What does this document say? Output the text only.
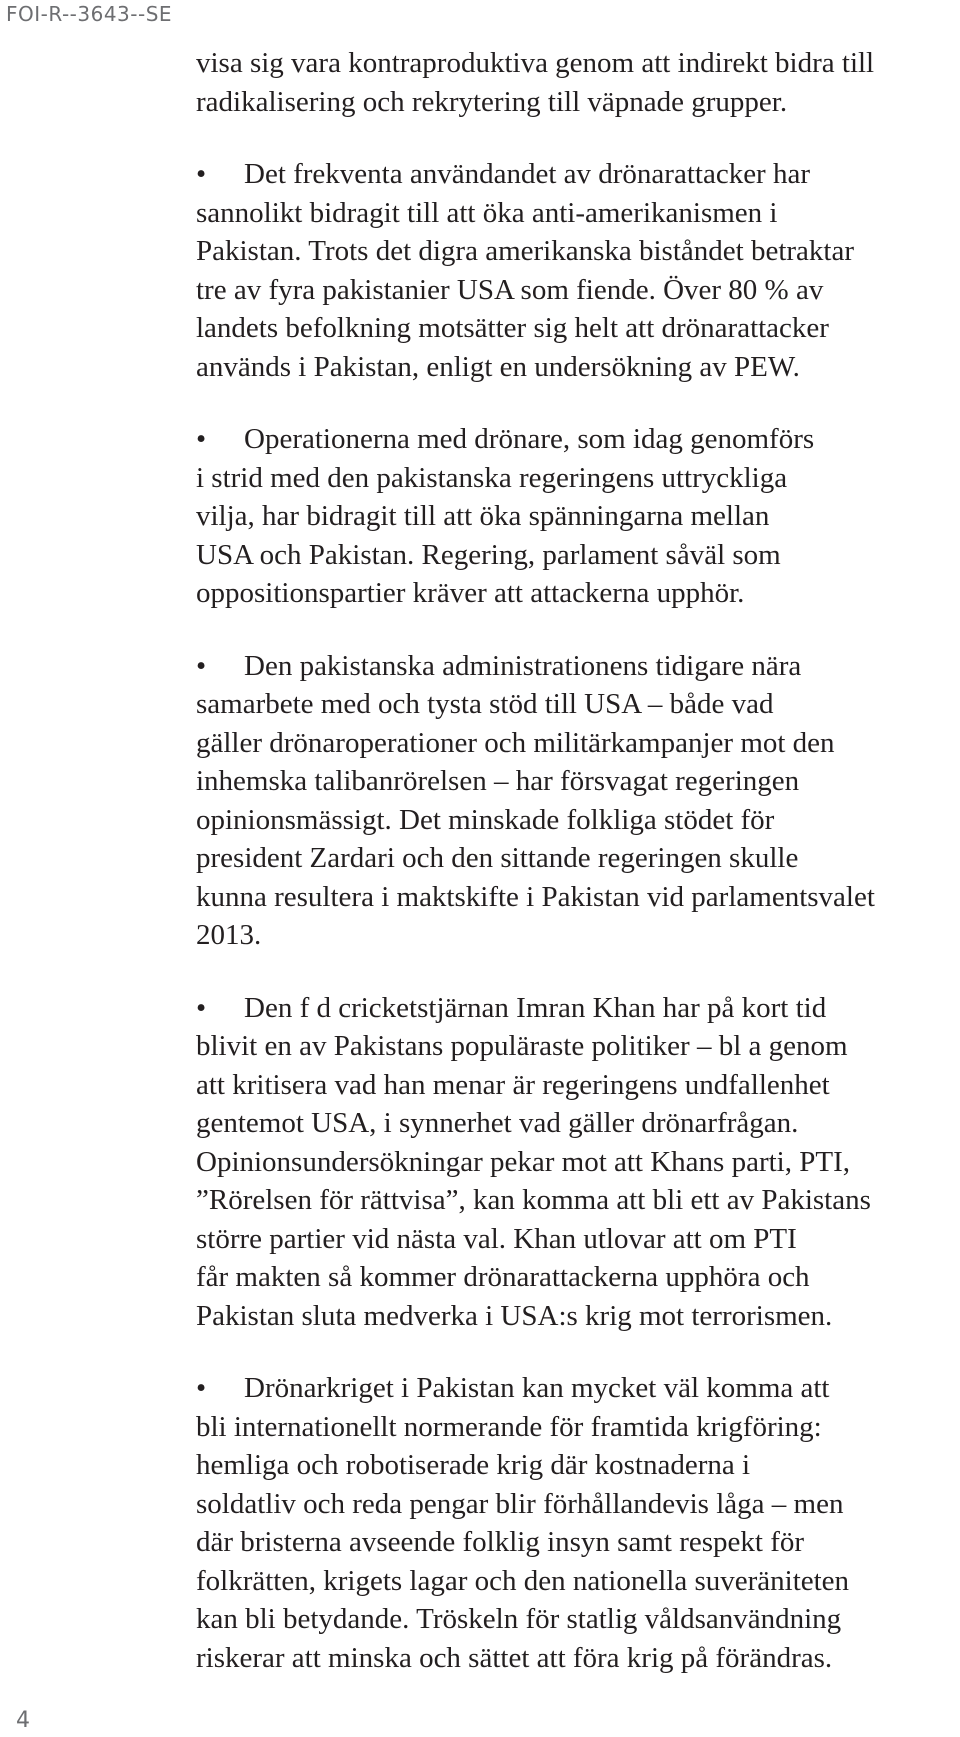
FOI-R--3643--SE

visa sig vara kontraproduktiva genom att indirekt bidra till
radikalisering och rekrytering till väpnade grupper.

• Det frekventa användandet av drönarattacker har
sannolikt bidragit till att öka anti-amerikanismen i
Pakistan. Trots det digra amerikanska biståndet betraktar
tre av fyra pakistanier USA som fiende. Över 80 % av
landets befolkning motsätter sig helt att drönarattacker
används i Pakistan, enligt en undersökning av PEW.

• Operationerna med drönare, som idag genomförs
i strid med den pakistanska regeringens uttryckliga
vilja, har bidragit till att öka spänningarna mellan
USA och Pakistan. Regering, parlament såväl som
oppositionspartier kräver att attackerna upphör.

• Den pakistanska administrationens tidigare nära
samarbete med och tysta stöd till USA – både vad
gäller drönaroperationer och militärkampanjer mot den
inhemska talibanrörelsen – har försvagat regeringen
opinionsmässigt. Det minskade folkliga stödet för
president Zardari och den sittande regeringen skulle
kunna resultera i maktskifte i Pakistan vid parlamentsvalet
2013.

• Den f d cricketstjärnan Imran Khan har på kort tid
blivit en av Pakistans populäraste politiker – bl a genom
att kritisera vad han menar är regeringens undfallenhet
gentemot USA, i synnerhet vad gäller drönarfrågan.
Opinionsundersökningar pekar mot att Khans parti, PTI,
”Rörelsen för rättvisa”, kan komma att bli ett av Pakistans
större partier vid nästa val. Khan utlovar att om PTI
får makten så kommer drönarattackerna upphöra och
Pakistan sluta medverka i USA:s krig mot terrorismen.

• Drönarkriget i Pakistan kan mycket väl komma att
bli internationellt normerande för framtida krigföring:
hemliga och robotiserade krig där kostnaderna i
soldatliv och reda pengar blir förhållandevis låga – men
där bristerna avseende folklig insyn samt respekt för
folkrätten, krigets lagar och den nationella suveräniteten
kan bli betydande. Tröskeln för statlig våldsanvändning
riskerar att minska och sättet att föra krig på förändras.

4
